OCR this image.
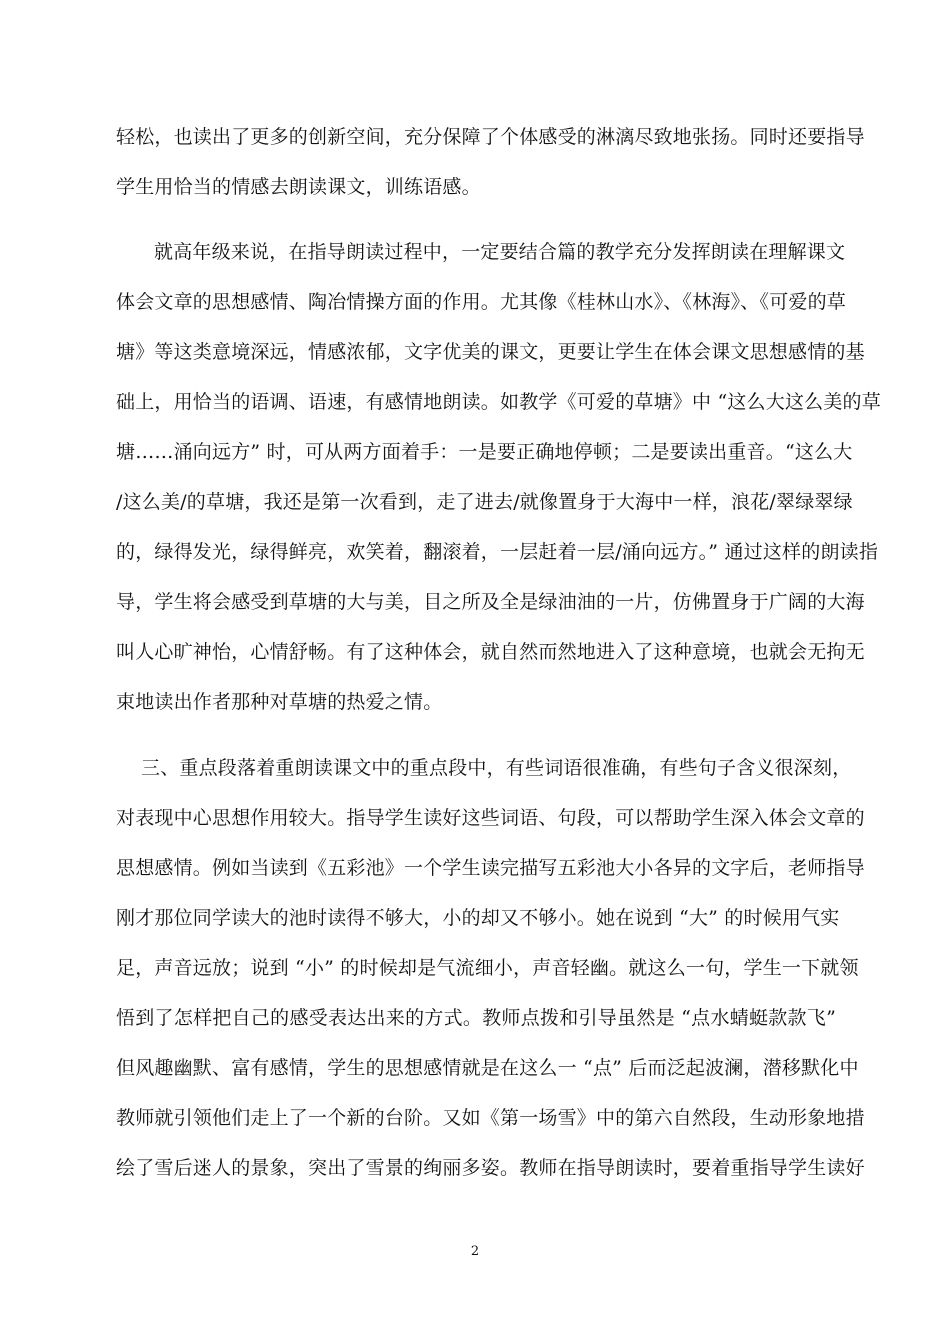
轻松，也读出了更多的创新空间，充分保障了个体感受的淋漓尽致地张扬。同时还要指导
学生用恰当的情感去朗读课文，训练语感。
就高年级来说，在指导朗读过程中，一定要结合篇的教学充分发挥朗读在理解课文
体会文章的思想感情、陶冶情操方面的作用。尤其像《桂林山水》、《林海》、《可爱的草
塘》等这类意境深远，情感浓郁，文字优美的课文，更要让学生在体会课文思想感情的基
础上，用恰当的语调、语速，有感情地朗读。如教学《可爱的草塘》中 “这么大这么美的草
塘……涌向远方” 时，可从两方面着手：一是要正确地停顿；二是要读出重音。“这么大
/这么美/的草塘，我还是第一次看到，走了进去/就像置身于大海中一样，浪花/翠绿翠绿
的，绿得发光，绿得鲜亮，欢笑着，翻滚着，一层赶着一层/涌向远方。” 通过这样的朗读指
导，学生将会感受到草塘的大与美，目之所及全是绿油油的一片，仿佛置身于广阔的大海
叫人心旷神怡，心情舒畅。有了这种体会，就自然而然地进入了这种意境，也就会无拘无
束地读出作者那种对草塘的热爱之情。
三、重点段落着重朗读课文中的重点段中，有些词语很准确，有些句子含义很深刻，
对表现中心思想作用较大。指导学生读好这些词语、句段，可以帮助学生深入体会文章的
思想感情。例如当读到《五彩池》一个学生读完描写五彩池大小各异的文字后，老师指导
刚才那位同学读大的池时读得不够大，小的却又不够小。她在说到 “大” 的时候用气实
足，声音远放；说到 “小” 的时候却是气流细小，声音轻幽。就这么一句，学生一下就领
悟到了怎样把自己的感受表达出来的方式。教师点拨和引导虽然是 “点水蜻蜓款款飞”
但风趣幽默、富有感情，学生的思想感情就是在这么一 “点” 后而泛起波澜，潜移默化中
教师就引领他们走上了一个新的台阶。又如《第一场雪》中的第六自然段，生动形象地措
绘了雪后迷人的景象，突出了雪景的绚丽多姿。教师在指导朗读时，要着重指导学生读好
2
